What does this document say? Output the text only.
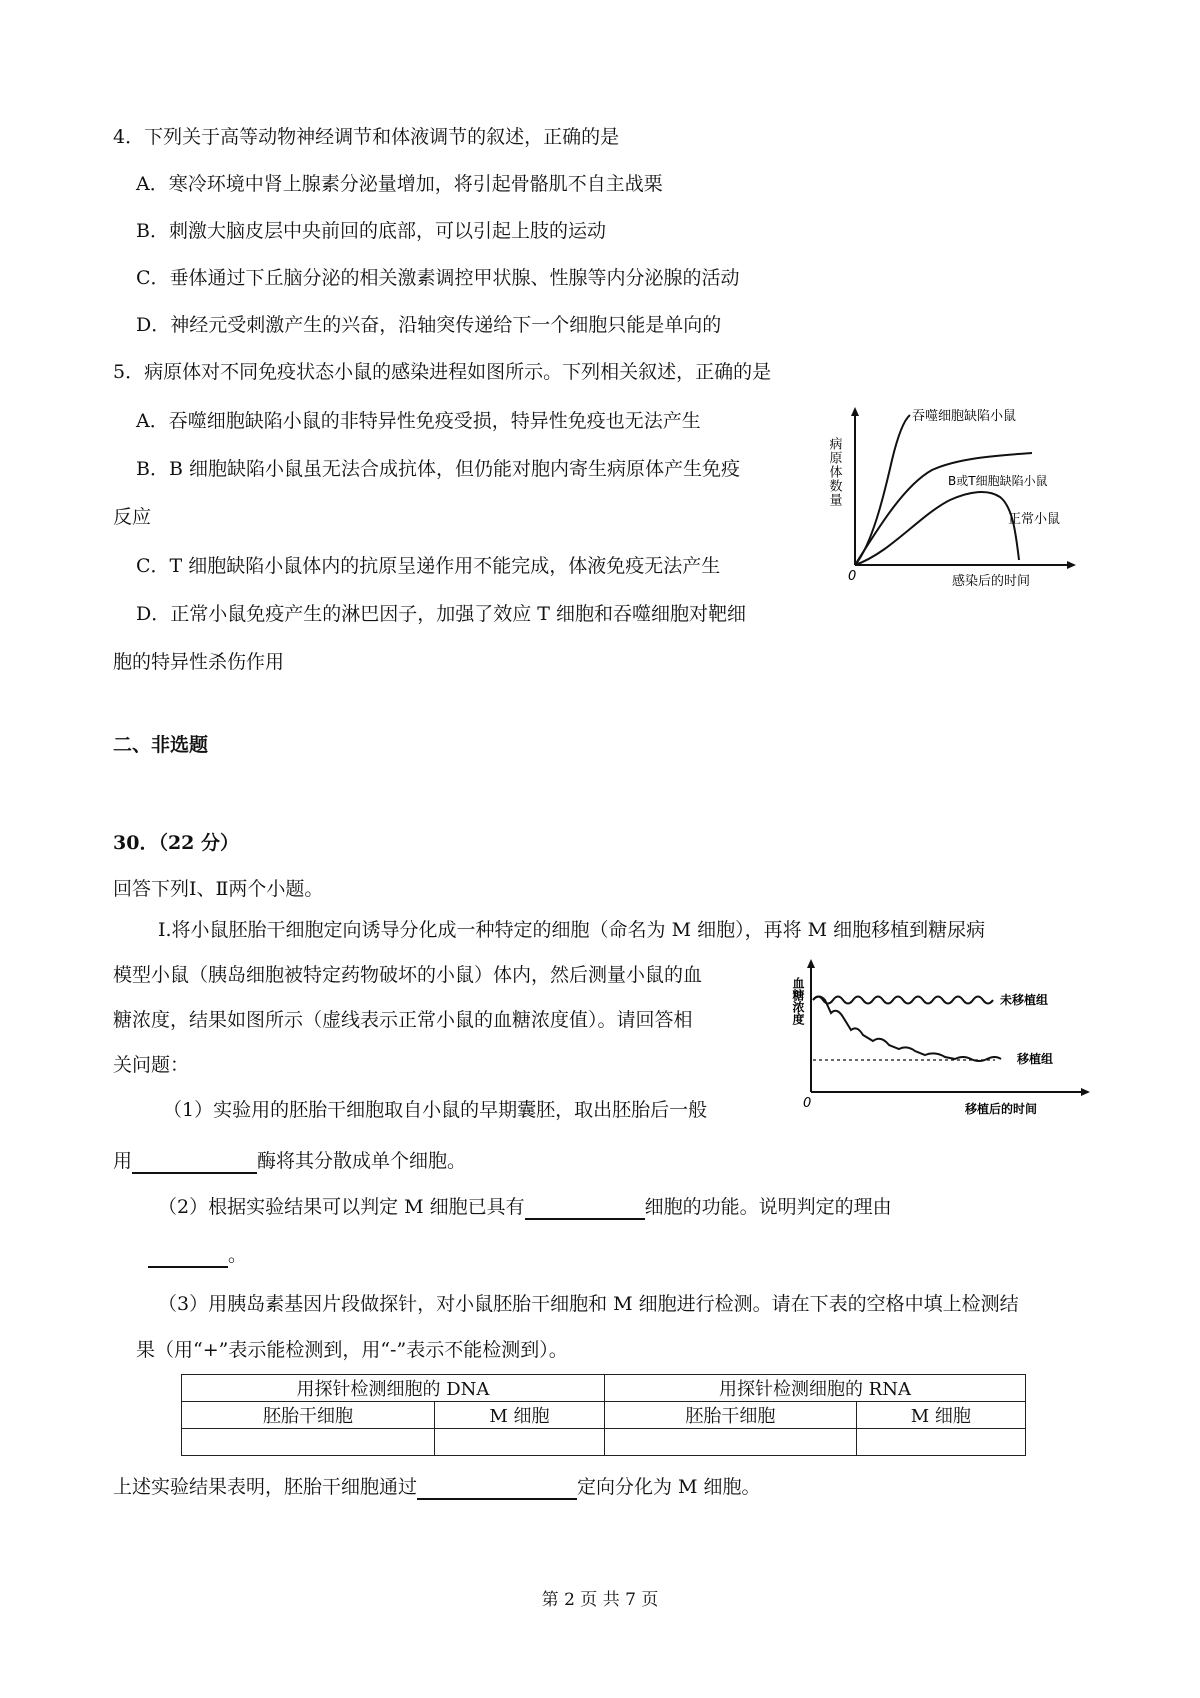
4．下列关于高等动物神经调节和体液调节的叙述，正确的是
A．寒冷环境中肾上腺素分泌量增加，将引起骨骼肌不自主战栗
B．刺激大脑皮层中央前回的底部，可以引起上肢的运动
C．垂体通过下丘脑分泌的相关激素调控甲状腺、性腺等内分泌腺的活动
D．神经元受刺激产生的兴奋，沿轴突传递给下一个细胞只能是单向的
5．病原体对不同免疫状态小鼠的感染进程如图所示。下列相关叙述，正确的是
A．吞噬细胞缺陷小鼠的非特异性免疫受损，特异性免疫也无法产生
B．B 细胞缺陷小鼠虽无法合成抗体，但仍能对胞内寄生病原体产生免疫
反应
C．T 细胞缺陷小鼠体内的抗原呈递作用不能完成，体液免疫无法产生
D．正常小鼠免疫产生的淋巴因子，加强了效应 T 细胞和吞噬细胞对靶细
胞的特异性杀伤作用
病原体数量
0	感染后的时间
吞噬细胞缺陷小鼠
B或T细胞缺陷小鼠
正常小鼠
二、非选题
30．（22 分）
回答下列Ⅰ、Ⅱ两个小题。
Ⅰ.将小鼠胚胎干细胞定向诱导分化成一种特定的细胞（命名为 M 细胞），再将 M 细胞移植到糖尿病
模型小鼠（胰岛细胞被特定药物破坏的小鼠）体内，然后测量小鼠的血
糖浓度，结果如图所示（虚线表示正常小鼠的血糖浓度值）。请回答相
关问题：
血糖浓度
0	移植后的时间
未移植组
移植组
（1）实验用的胚胎干细胞取自小鼠的早期囊胚，取出胚胎后一般
用	酶将其分散成单个细胞。
（2）根据实验结果可以判定 M 细胞已具有	细胞的功能。说明判定的理由
。
（3）用胰岛素基因片段做探针，对小鼠胚胎干细胞和 M 细胞进行检测。请在下表的空格中填上检测结
果（用“+”表示能检测到，用“-”表示不能检测到）。
用探针检测细胞的 DNA		用探针检测细胞的 RNA	
胚胎干细胞	M 细胞	胚胎干细胞	M 细胞

上述实验结果表明，胚胎干细胞通过	定向分化为 M 细胞。
第 2 页 共 7 页
